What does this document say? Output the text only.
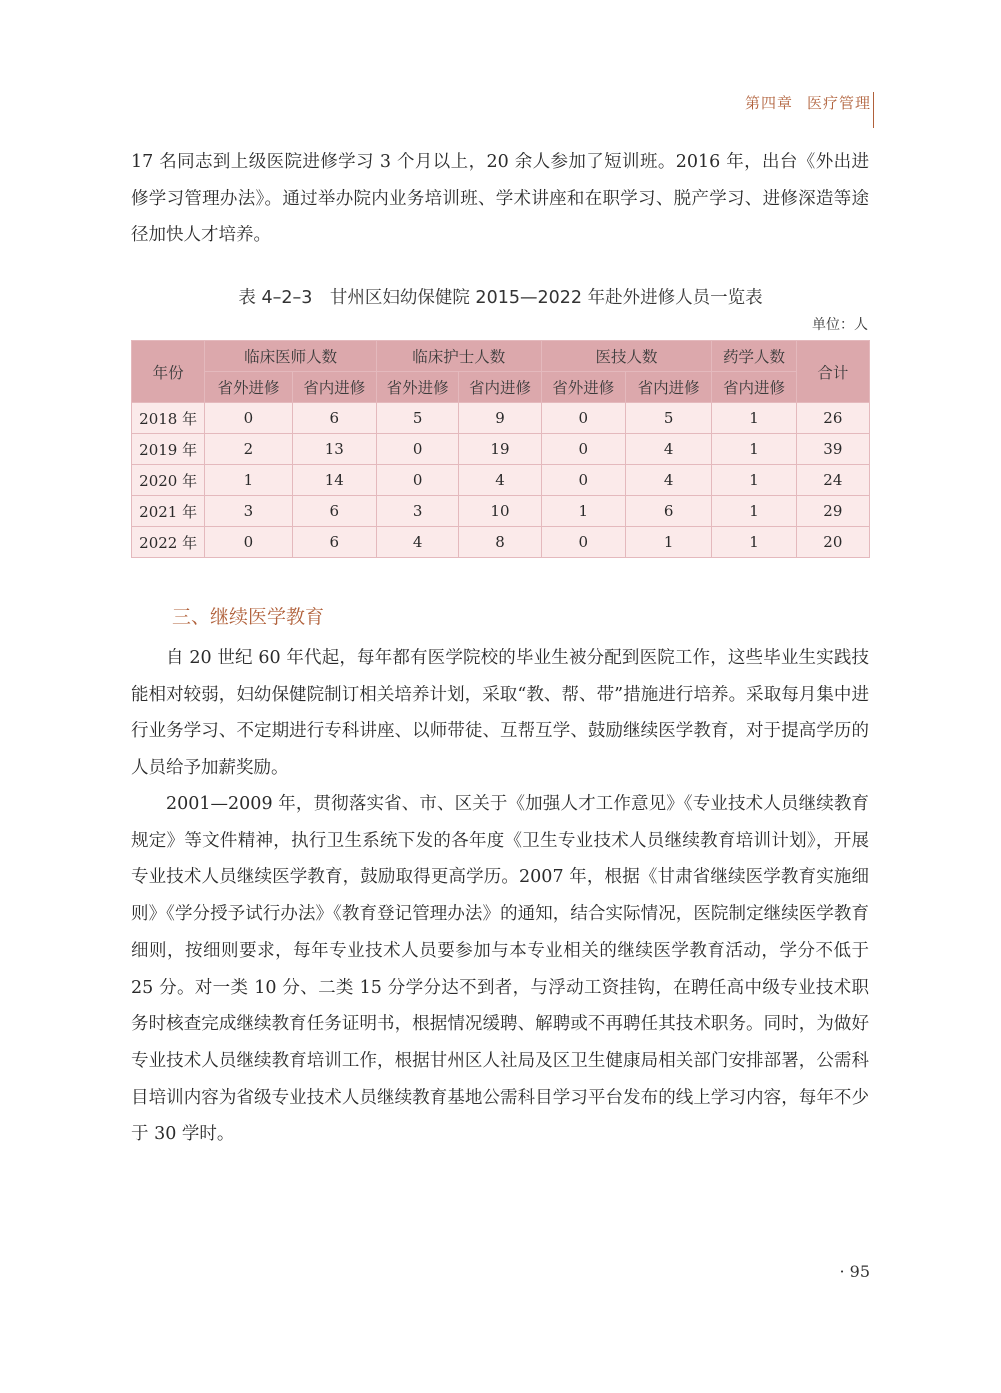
第四章 医疗管理

17 名同志到上级医院进修学习 3 个月以上，20 余人参加了短训班。2016 年，出台《外出进修学习管理办法》。通过举办院内业务培训班、学术讲座和在职学习、脱产学习、进修深造等途径加快人才培养。

表 4–2–3　甘州区妇幼保健院 2015—2022 年赴外进修人员一览表
单位：人
年份	临床医师人数		临床护士人数		医技人数		药学人数	合计
	省外进修	省内进修	省外进修	省内进修	省外进修	省内进修	省内进修	
2018 年	0	6	5	9	0	5	1	26
2019 年	2	13	0	19	0	4	1	39
2020 年	1	14	0	4	0	4	1	24
2021 年	3	6	3	10	1	6	1	29
2022 年	0	6	4	8	0	1	1	20
三、继续医学教育

自 20 世纪 60 年代起，每年都有医学院校的毕业生被分配到医院工作，这些毕业生实践技能相对较弱，妇幼保健院制订相关培养计划，采取“教、帮、带”措施进行培养。采取每月集中进行业务学习、不定期进行专科讲座、以师带徒、互帮互学、鼓励继续医学教育，对于提高学历的人员给予加薪奖励。

2001—2009 年，贯彻落实省、市、区关于《加强人才工作意见》《专业技术人员继续教育规定》等文件精神，执行卫生系统下发的各年度《卫生专业技术人员继续教育培训计划》，开展专业技术人员继续医学教育，鼓励取得更高学历。2007 年，根据《甘肃省继续医学教育实施细则》《学分授予试行办法》《教育登记管理办法》的通知，结合实际情况，医院制定继续医学教育细则，按细则要求，每年专业技术人员要参加与本专业相关的继续医学教育活动，学分不低于 25 分。对一类 10 分、二类 15 分学分达不到者，与浮动工资挂钩，在聘任高中级专业技术职务时核查完成继续教育任务证明书，根据情况缓聘、解聘或不再聘任其技术职务。同时，为做好专业技术人员继续教育培训工作，根据甘州区人社局及区卫生健康局相关部门安排部署，公需科目培训内容为省级专业技术人员继续教育基地公需科目学习平台发布的线上学习内容，每年不少于 30 学时。

· 95
